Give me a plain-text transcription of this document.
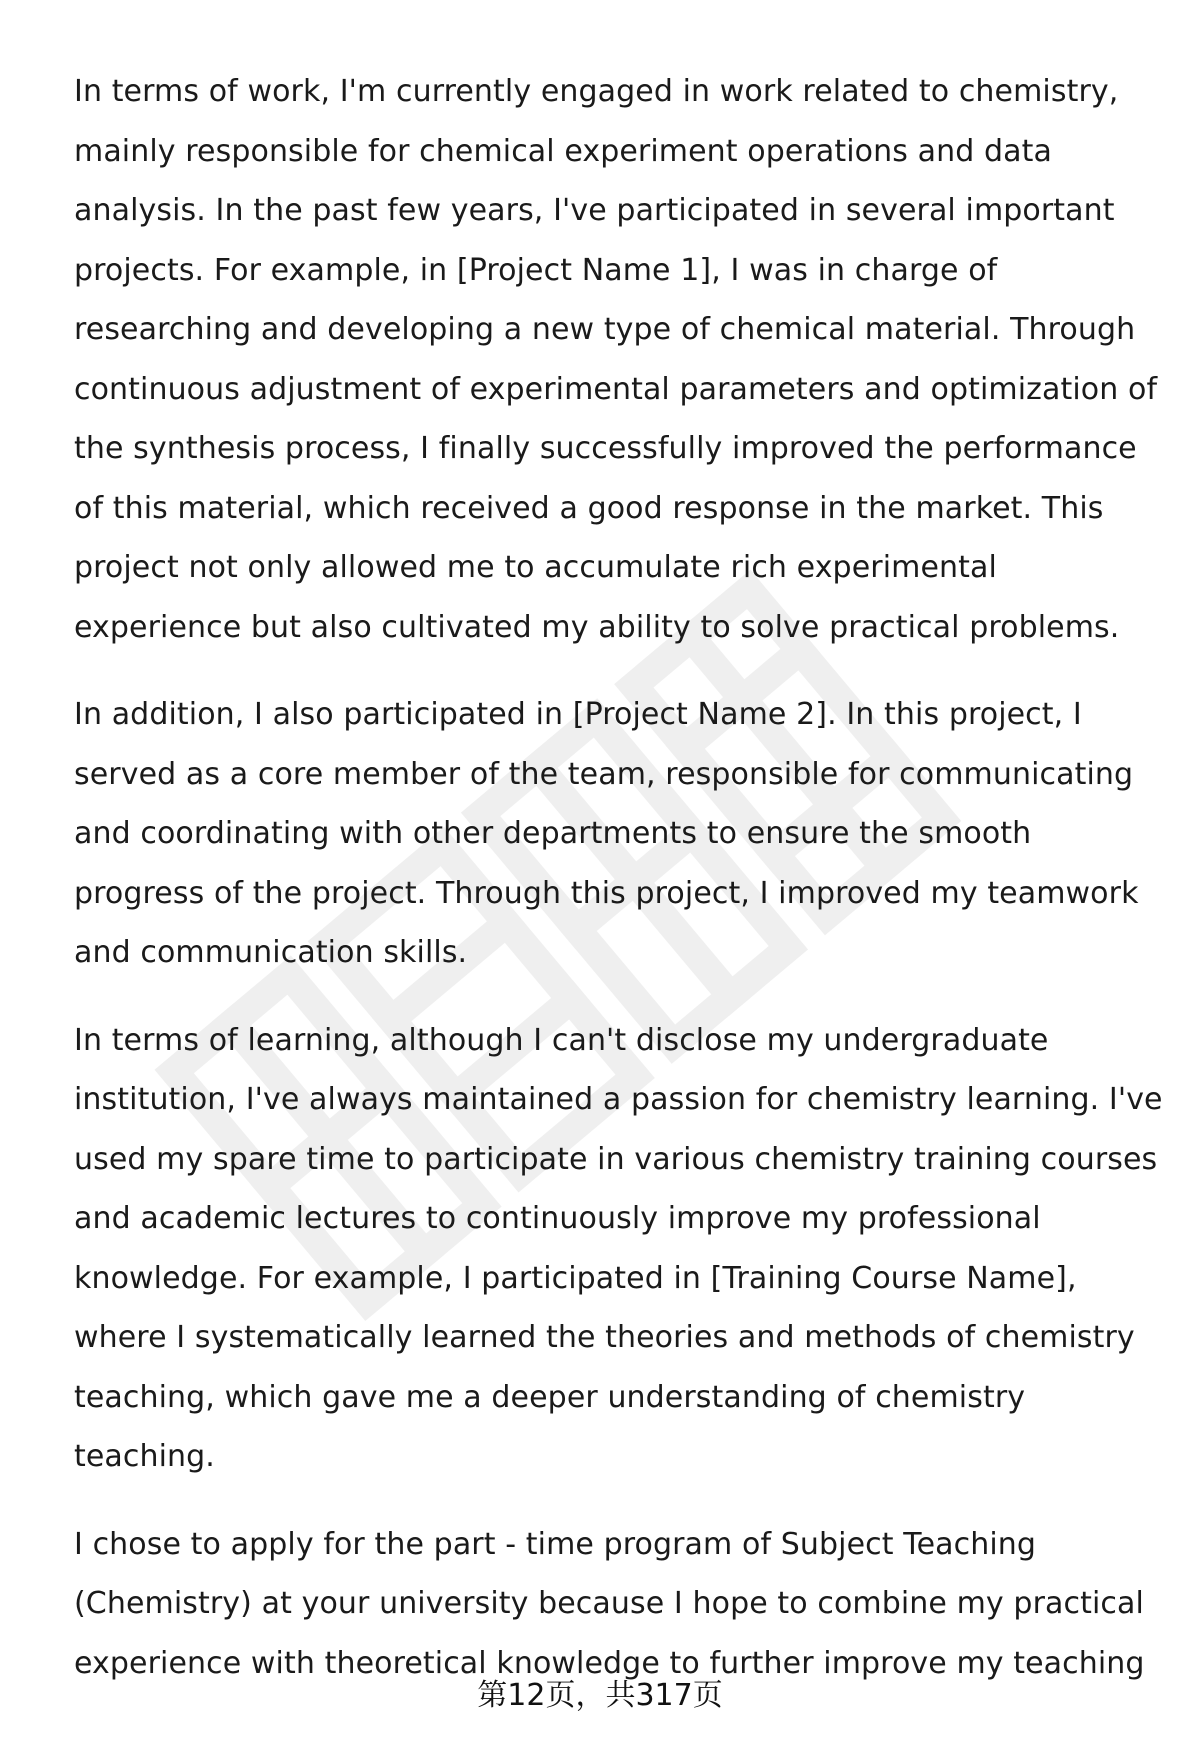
In terms of work, I'm currently engaged in work related to chemistry, mainly responsible for chemical experiment operations and data analysis. In the past few years, I've participated in several important projects. For example, in [Project Name 1], I was in charge of researching and developing a new type of chemical material. Through continuous adjustment of experimental parameters and optimization of the synthesis process, I finally successfully improved the performance of this material, which received a good response in the market. This project not only allowed me to accumulate rich experimental experience but also cultivated my ability to solve practical problems.

In addition, I also participated in [Project Name 2]. In this project, I served as a core member of the team, responsible for communicating and coordinating with other departments to ensure the smooth progress of the project. Through this project, I improved my teamwork and communication skills.

In terms of learning, although I can't disclose my undergraduate institution, I've always maintained a passion for chemistry learning. I've used my spare time to participate in various chemistry training courses and academic lectures to continuously improve my professional knowledge. For example, I participated in [Training Course Name], where I systematically learned the theories and methods of chemistry teaching, which gave me a deeper understanding of chemistry teaching.

I chose to apply for the part - time program of Subject Teaching (Chemistry) at your university because I hope to combine my practical experience with theoretical knowledge to further improve my teaching

第12页，共317页
